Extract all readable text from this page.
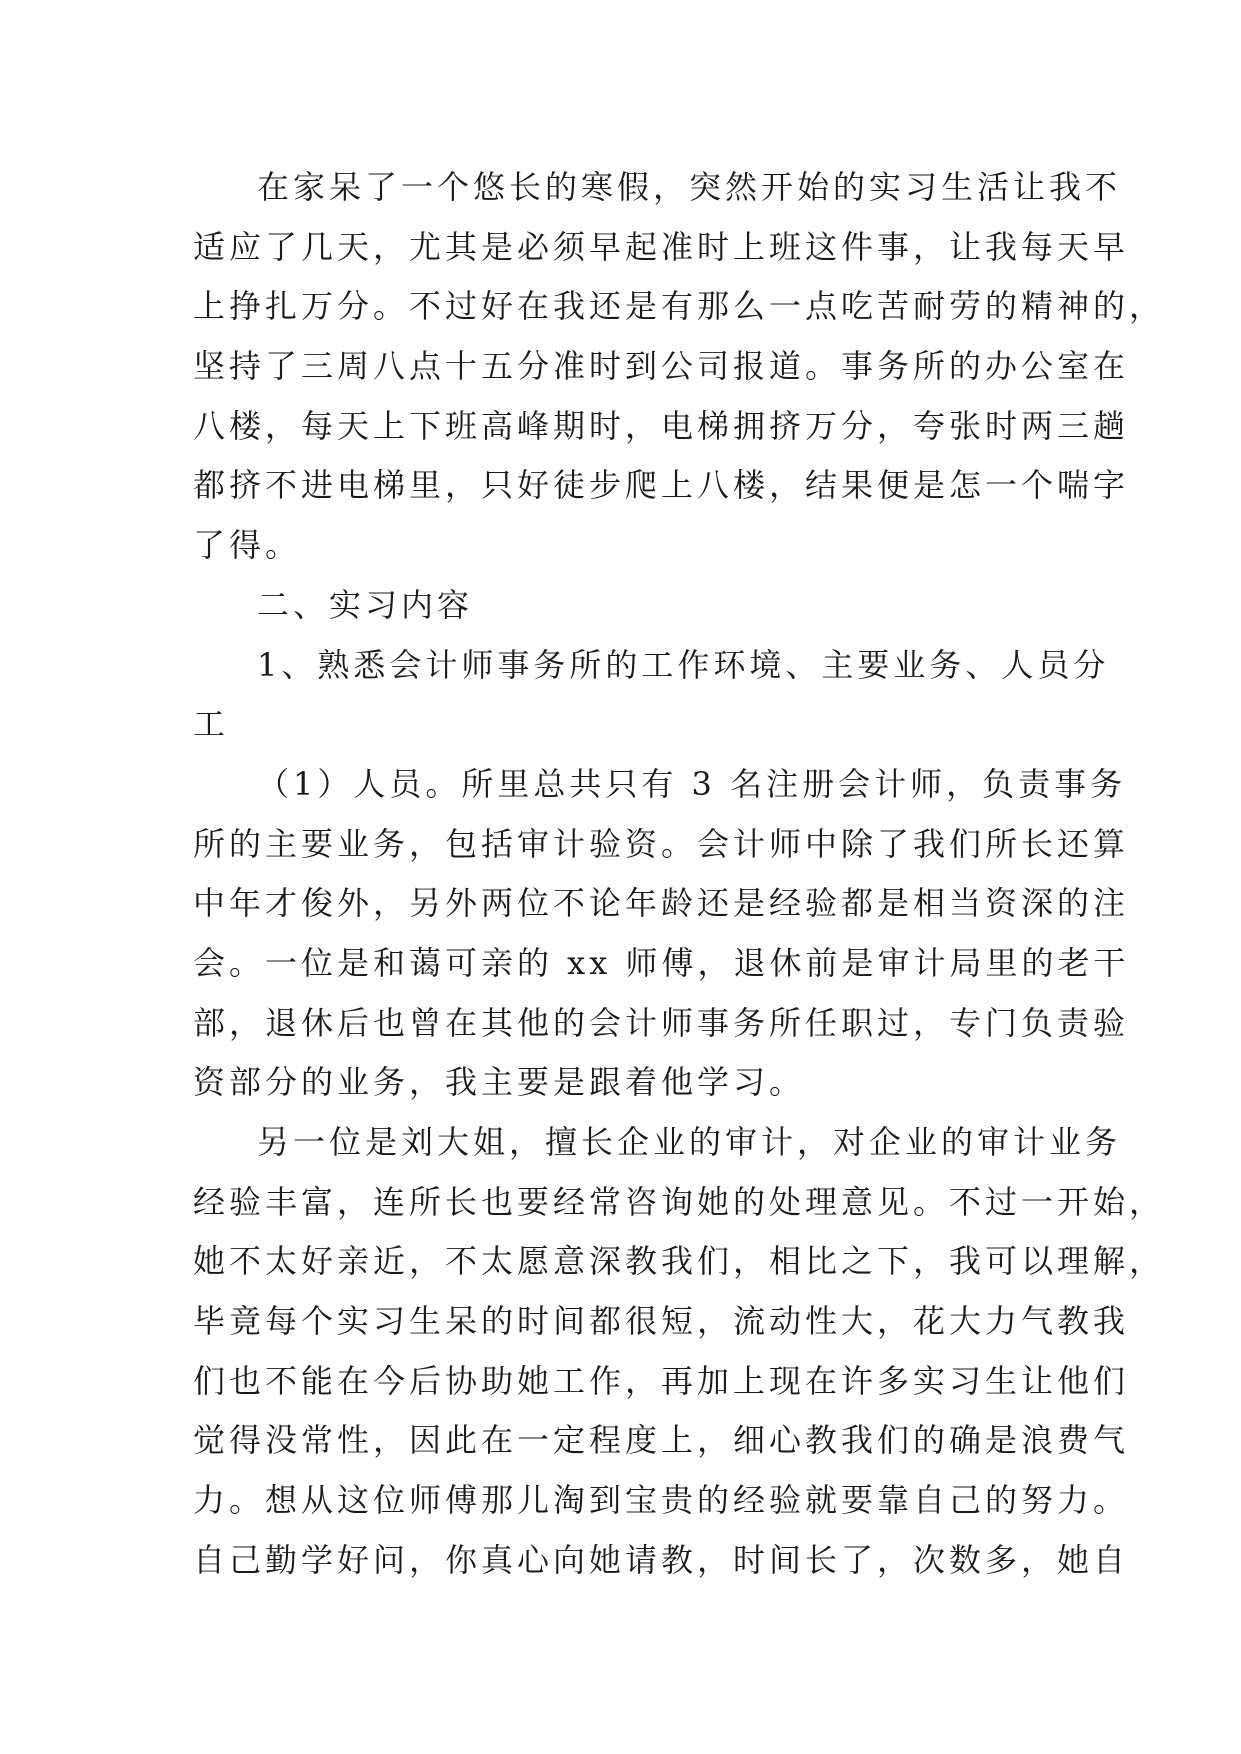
在家呆了一个悠长的寒假，突然开始的实习生活让我不
适应了几天，尤其是必须早起准时上班这件事，让我每天早
上挣扎万分。不过好在我还是有那么一点吃苦耐劳的精神的，
坚持了三周八点十五分准时到公司报道。事务所的办公室在
八楼，每天上下班高峰期时，电梯拥挤万分，夸张时两三趟
都挤不进电梯里，只好徒步爬上八楼，结果便是怎一个喘字
了得。
二、实习内容
1、熟悉会计师事务所的工作环境、主要业务、人员分
工
（1）人员。所里总共只有 3 名注册会计师，负责事务
所的主要业务，包括审计验资。会计师中除了我们所长还算
中年才俊外，另外两位不论年龄还是经验都是相当资深的注
会。一位是和蔼可亲的 xx 师傅，退休前是审计局里的老干
部，退休后也曾在其他的会计师事务所任职过，专门负责验
资部分的业务，我主要是跟着他学习。
另一位是刘大姐，擅长企业的审计，对企业的审计业务
经验丰富，连所长也要经常咨询她的处理意见。不过一开始，
她不太好亲近，不太愿意深教我们，相比之下，我可以理解，
毕竟每个实习生呆的时间都很短，流动性大，花大力气教我
们也不能在今后协助她工作，再加上现在许多实习生让他们
觉得没常性，因此在一定程度上，细心教我们的确是浪费气
力。想从这位师傅那儿淘到宝贵的经验就要靠自己的努力。
自己勤学好问，你真心向她请教，时间长了，次数多，她自
